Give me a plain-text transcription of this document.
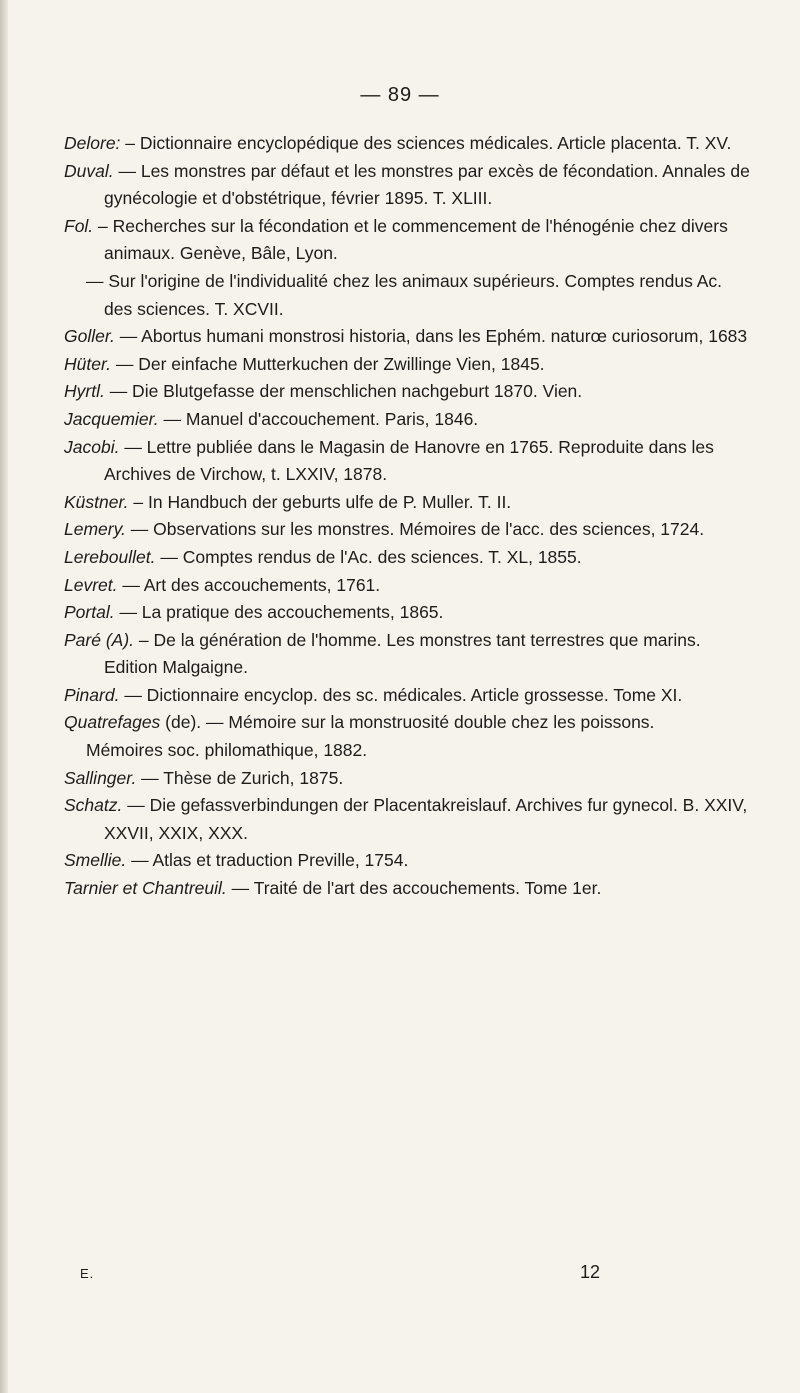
— 89 —

Delore: – Dictionnaire encyclopédique des sciences médicales. Article placenta. T. XV.

Duval. — Les monstres par défaut et les monstres par excès de fécondation. Annales de gynécologie et d'obstétrique, février 1895. T. XLIII.

Fol. – Recherches sur la fécondation et le commencement de l'hénogénie chez divers animaux. Genève, Bâle, Lyon.

— Sur l'origine de l'individualité chez les animaux supérieurs. Comptes rendus Ac. des sciences. T. XCVII.

Goller. — Abortus humani monstrosi historia, dans les Ephém. naturœ curiosorum, 1683

Hüter. — Der einfache Mutterkuchen der Zwillinge Vien, 1845.

Hyrtl. — Die Blutgefasse der menschlichen nachgeburt 1870. Vien.

Jacquemier. — Manuel d'accouchement. Paris, 1846.

Jacobi. — Lettre publiée dans le Magasin de Hanovre en 1765. Reproduite dans les Archives de Virchow, t. LXXIV, 1878.

Küstner. – In Handbuch der geburts ulfe de P. Muller. T. II.

Lemery. — Observations sur les monstres. Mémoires de l'acc. des sciences, 1724.

Lereboullet. — Comptes rendus de l'Ac. des sciences. T. XL, 1855.

Levret. — Art des accouchements, 1761.

Portal. — La pratique des accouchements, 1865.

Paré (A). – De la génération de l'homme. Les monstres tant terrestres que marins. Edition Malgaigne.

Pinard. — Dictionnaire encyclop. des sc. médicales. Article grossesse. Tome XI.

Quatrefages (de). — Mémoire sur la monstruosité double chez les poissons.

Mémoires soc. philomathique, 1882.

Sallinger. — Thèse de Zurich, 1875.

Schatz. — Die gefassverbindungen der Placentakreislauf. Archives fur gynecol. B. XXIV, XXVII, XXIX, XXX.

Smellie. — Atlas et traduction Preville, 1754.

Tarnier et Chantreuil. — Traité de l'art des accouchements. Tome 1er.

E.	12
